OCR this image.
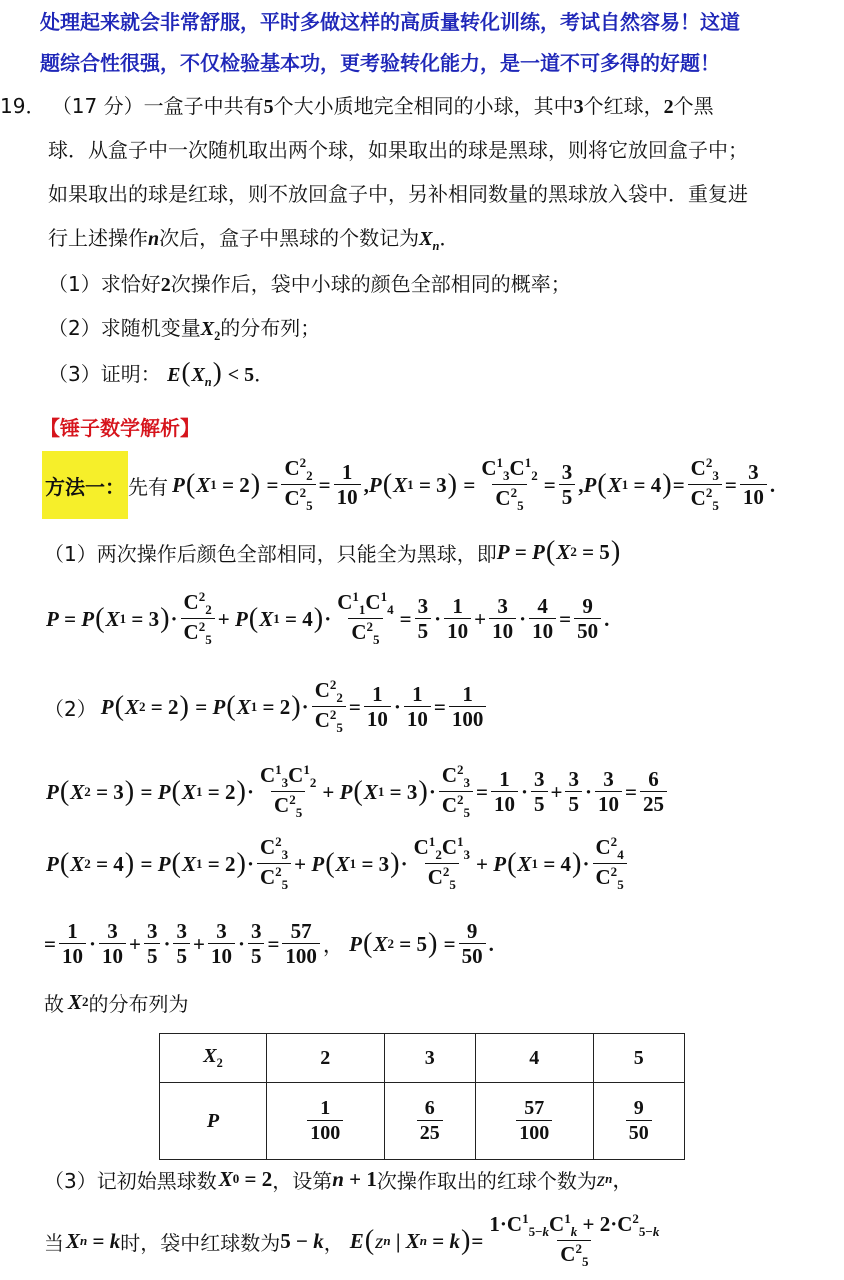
处理起来就会非常舒服，平时多做这样的高质量转化训练，考试自然容易！这道
题综合性很强，不仅检验基本功，更考验转化能力，是一道不可多得的好题！
19． （17 分）一盒子中共有5个大小质地完全相同的小球，其中3个红球，2个黑
球．从盒子中一次随机取出两个球，如果取出的球是黑球，则将它放回盒子中；
如果取出的球是红球，则不放回盒子中，另补相同数量的黑球放入袋中．重复进
行上述操作n次后，盒子中黑球的个数记为$X_n$．
（1）求恰好2次操作后，袋中小球的颜色全部相同的概率；
（2）求随机变量$X_2$的分布列；
（3）证明： $E(X_n) < 5$．
【锤子数学解析】
方法一： 先有 P ( X 1 = 2 ) = $\frac{C^2_2}{C^2_5} = \frac{1}{10}$ , P ( X 1 = 3 ) = $\frac{C^1_3C^1_2}{C^2_5} = \frac{3}{5}$ , P ( X 1 = 4 ) = $\frac{C^2_3}{C^2_5} = \frac{3}{10}$ .
（1）两次操作后颜色全部相同，只能全为黑球，即 P = P ( X 2 = 5 )
P = P ( X 1 = 3 ) · $\frac{C^2_2}{C^2_5} + P$ ( X 1 = 4 ) · $\frac{C^1_1C^1_4}{C^2_5} = \frac{3}{5} \cdot \frac{1}{10} + \frac{3}{10} \cdot \frac{4}{10} = \frac{9}{50}$ .
（2） P ( X 2 = 2 ) = P ( X 1 = 2 ) · $\frac{C^2_2}{C^2_5} = \frac{1}{10} \cdot \frac{1}{10} = \frac{1}{100}$
P ( X 2 = 3 ) = P ( X 1 = 2 ) · $\frac{C^1_3C^1_2}{C^2_5} + P$ ( X 1 = 3 ) · $\frac{C^2_3}{C^2_5} = \frac{1}{10} \cdot \frac{3}{5} + \frac{3}{5} \cdot \frac{3}{10} = \frac{6}{25}$
P ( X 2 = 4 ) = P ( X 1 = 2 ) · $\frac{C^2_3}{C^2_5} + P$ ( X 1 = 3 ) · $\frac{C^1_2C^1_3}{C^2_5} + P$ ( X 1 = 4 ) · $\frac{C^2_4}{C^2_5}$
= $\frac{1}{10} \cdot \frac{3}{10} + \frac{3}{5} \cdot \frac{3}{5} + \frac{3}{10} \cdot \frac{3}{5} = \frac{57}{100}$ ，
P ( X 2 = 5 ) = $\frac{9}{50}$ .
故 X 2 的分布列为
$X_2$	2	3	4	5
P	$\frac{1}{100}$	$\frac{6}{25}$	$\frac{57}{100}$	$\frac{9}{50}$
（3）记初始黑球数 X 0 = 2 ，设第 n + 1 次操作取出的红球个数为 z n ，
当 X n = k 时，袋中红球数为 5 − k ， E ( z n | X n = k ) = $\frac{1\cdot C^1_{5-k}C^1_k + 2\cdot C^2_{5-k}}{C^2_5}$
